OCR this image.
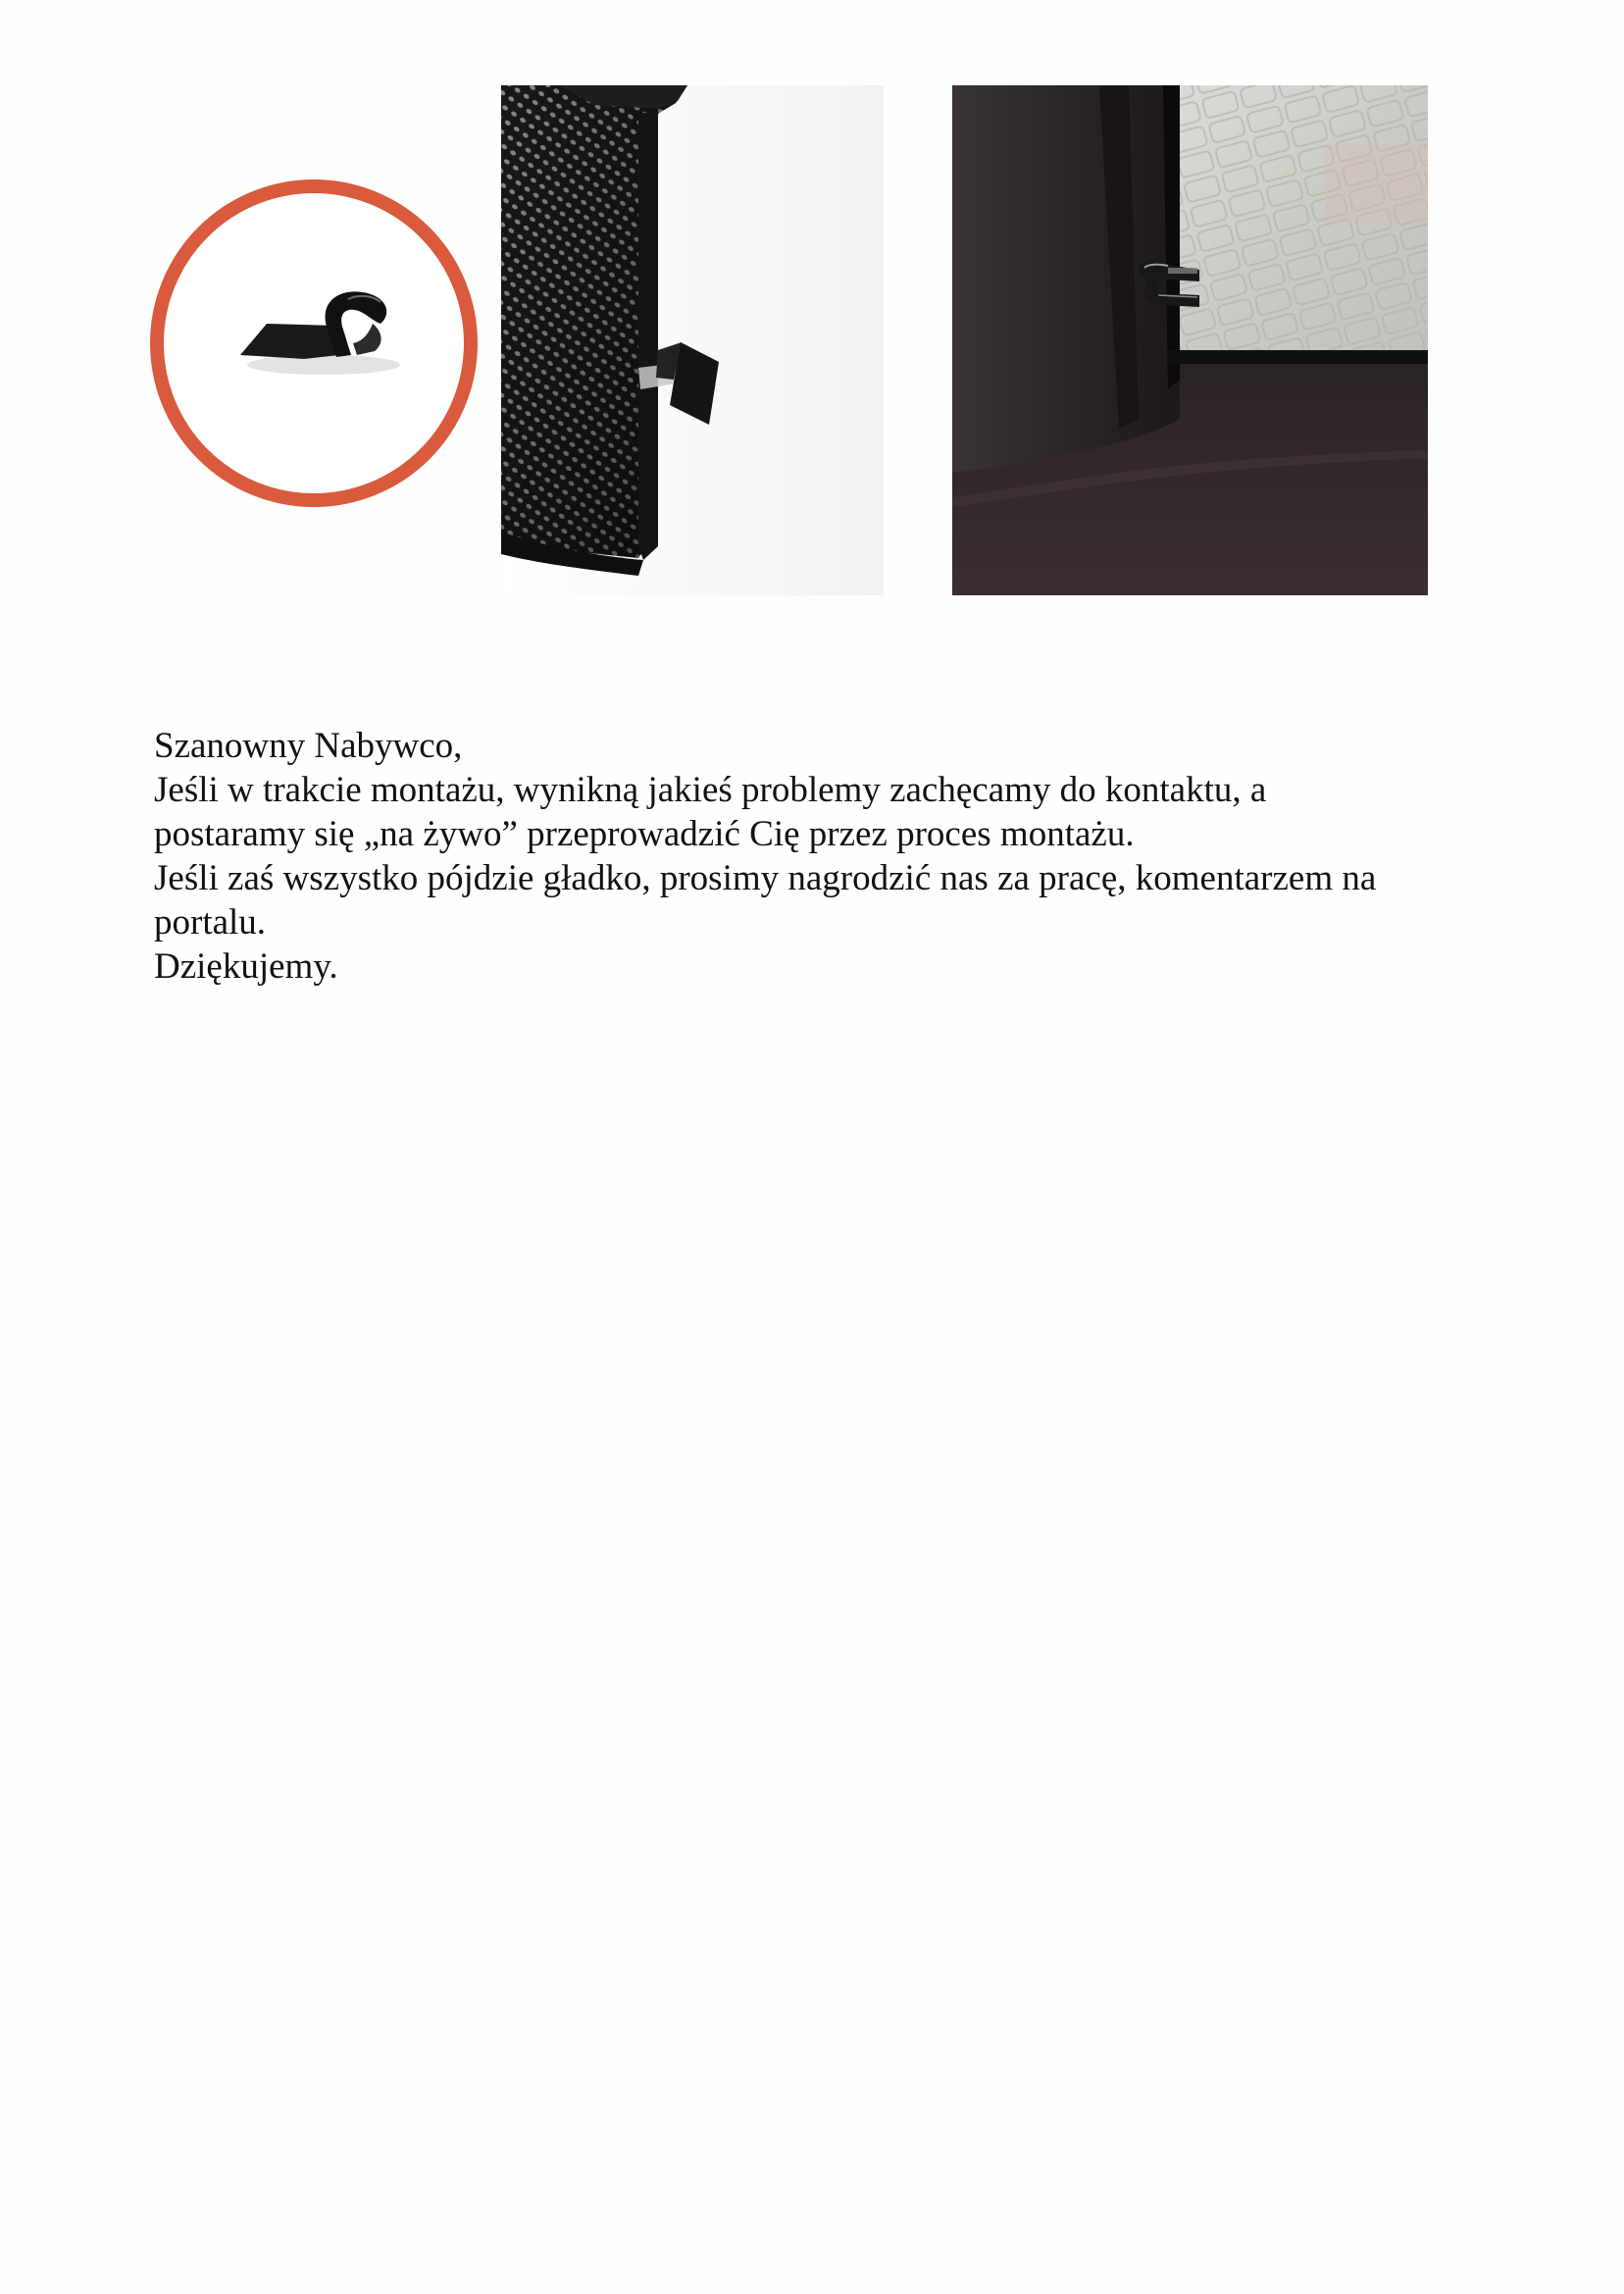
Szanowny Nabywco,

Jeśli w trakcie montażu, wynikną jakieś problemy zachęcamy do kontaktu, a

postaramy się „na żywo” przeprowadzić Cię przez proces montażu.

Jeśli zaś wszystko pójdzie gładko, prosimy nagrodzić nas za pracę, komentarzem na

portalu.

Dziękujemy.
